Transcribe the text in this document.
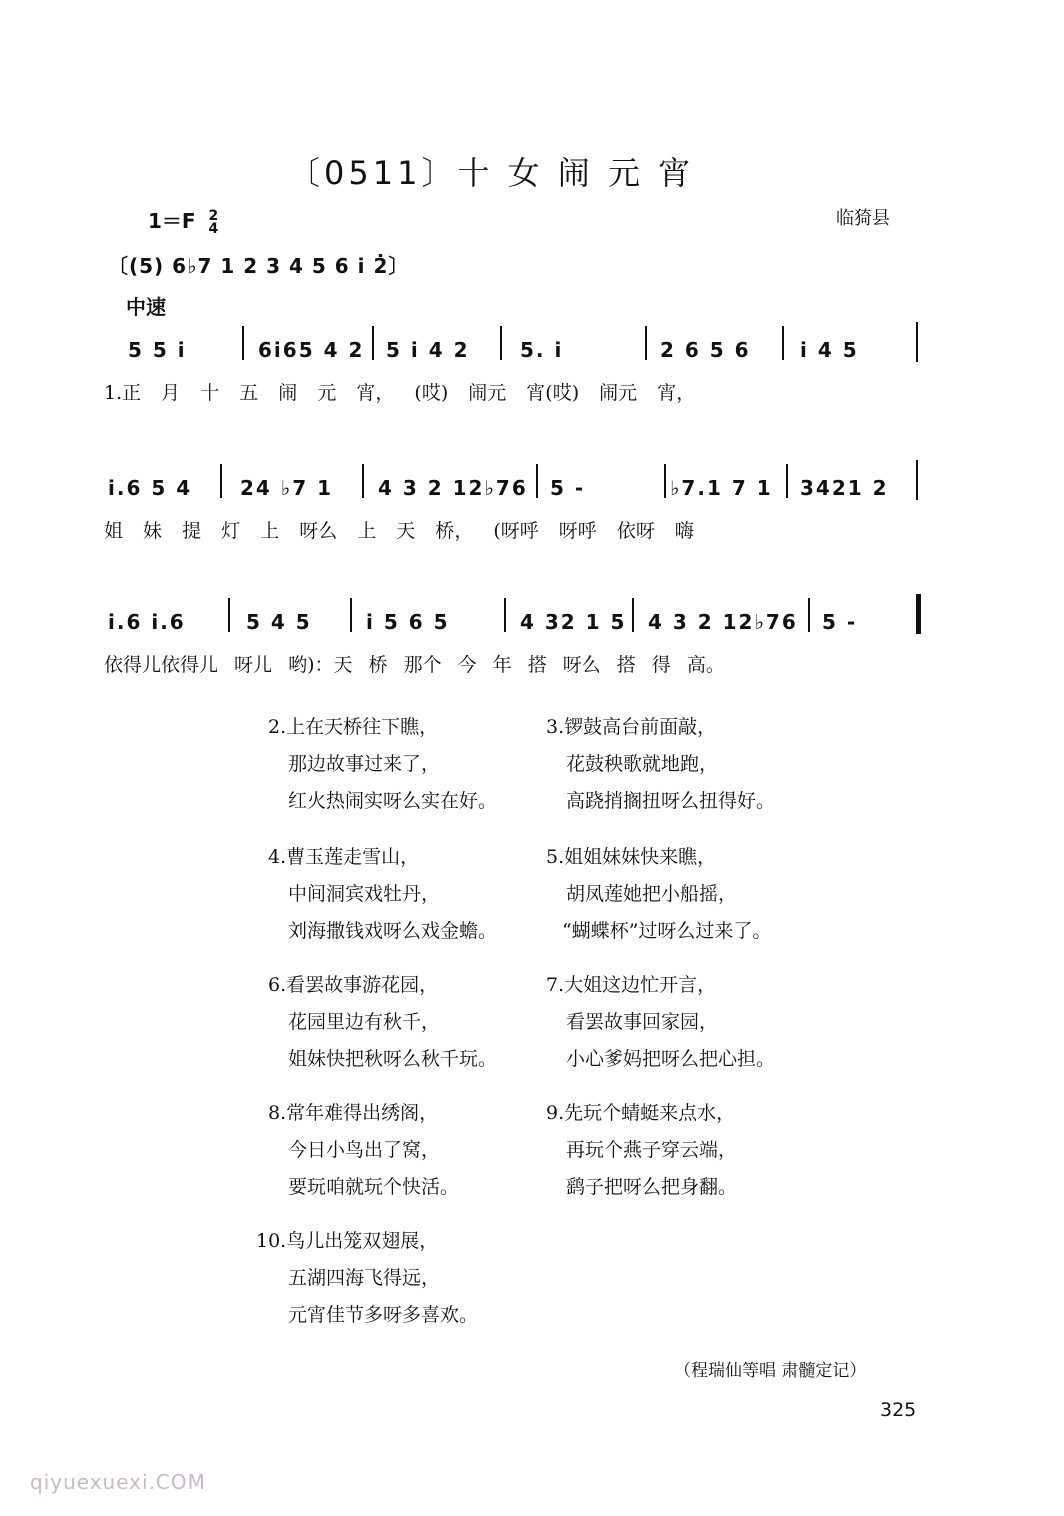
〔0511〕十 女 闹 元 宵
1＝F 2
4	临猗县
〔(5) 6♭7 1 2 3 4 5 6 i 2̇〕
中速
5 5 i	6i65 4 2 5 i 4 2	5. i	2 6 5 6 i 4 5
1.正 月 十 五 闹 元 宵， (哎) 闹元 宵(哎) 闹元 宵，
i.6 5 4 24 ♭7 1 4 3 2 12♭76 5 -	♭7.1 7 1 3421 2
姐 妹 提 灯 上 呀么 上 天 桥， (呀呼 呀呼 依呀 嗨
i.6 i.6	5 4 5	i 5 6 5	4 32 1 5 4 3 2 12♭76 5 -
依得儿依得儿 呀儿 哟)：天 桥 那个 今 年 搭 呀么 搭 得 高。
2.上在天桥往下瞧，
那边故事过来了，
红火热闹实呀么实在好。
3.锣鼓高台前面敲，
花鼓秧歌就地跑，
高跷捎搁扭呀么扭得好。
4.曹玉莲走雪山，
中间洞宾戏牡丹，
刘海撒钱戏呀么戏金蟾。
5.姐姐妹妹快来瞧，
胡凤莲她把小船摇，
“蝴蝶杯”过呀么过来了。
6.看罢故事游花园，
花园里边有秋千，
姐妹快把秋呀么秋千玩。
7.大姐这边忙开言，
看罢故事回家园，
小心爹妈把呀么把心担。
8.常年难得出绣阁，
今日小鸟出了窝，
要玩咱就玩个快活。
9.先玩个蜻蜓来点水，
再玩个燕子穿云端，
鹞子把呀么把身翻。
10.鸟儿出笼双翅展，
五湖四海飞得远，
元宵佳节多呀多喜欢。
（程瑞仙等唱 肃髓定记）
325
qiyuexuexi.COM
